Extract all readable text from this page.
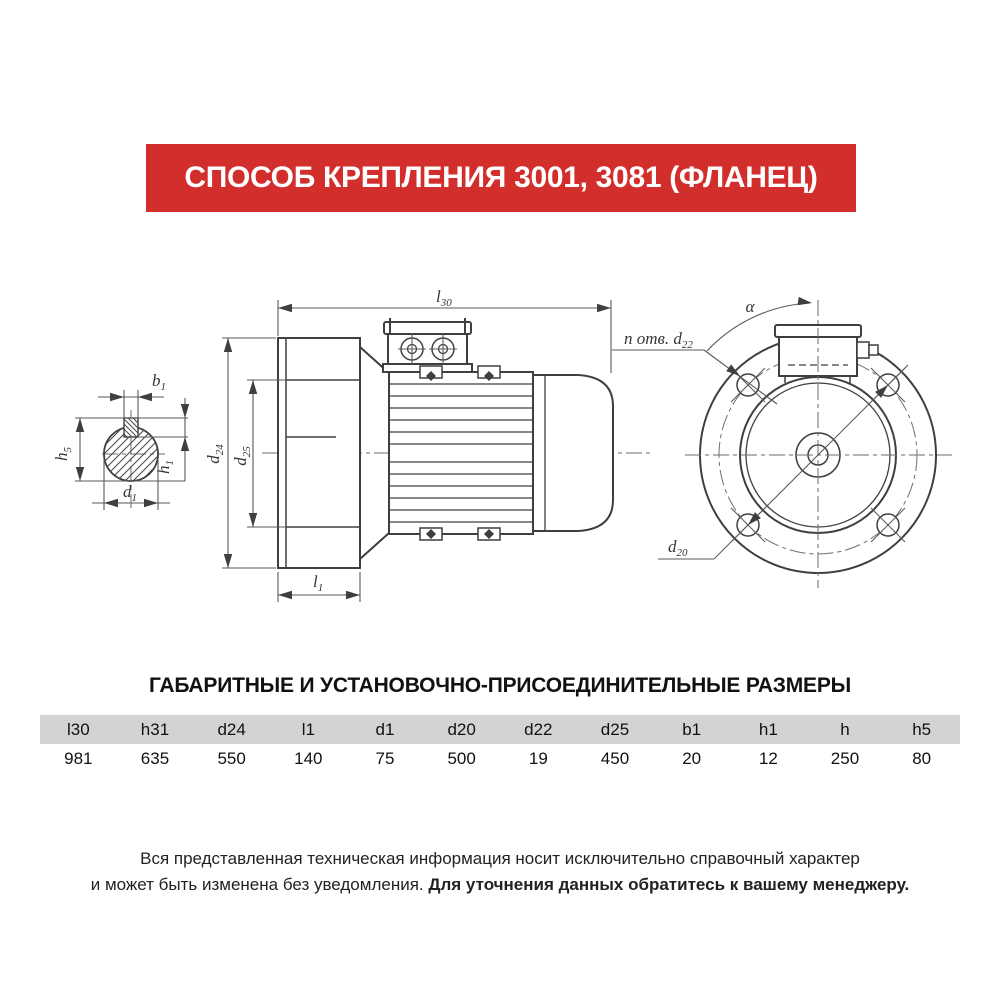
СПОСОБ КРЕПЛЕНИЯ 3001, 3081 (ФЛАНЕЦ)
$b_1$
$h_5$
$h_1$
$d_1$
$l_{30}$
$d_{24}$
$d_{25}$
$l_1$
$d_{20}$
α
n отв. $d_{22}$
ГАБАРИТНЫЕ И УСТАНОВОЧНО-ПРИСОЕДИНИТЕЛЬНЫЕ РАЗМЕРЫ
l30	h31	d24	l1	d1	d20	d22	d25	b1	h1	h	h5
981	635	550	140	75	500	19	450	20	12	250	80
Вся представленная техническая информация носит исключительно справочный характер
и может быть изменена без уведомления. Для уточнения данных обратитесь к вашему менеджеру.
